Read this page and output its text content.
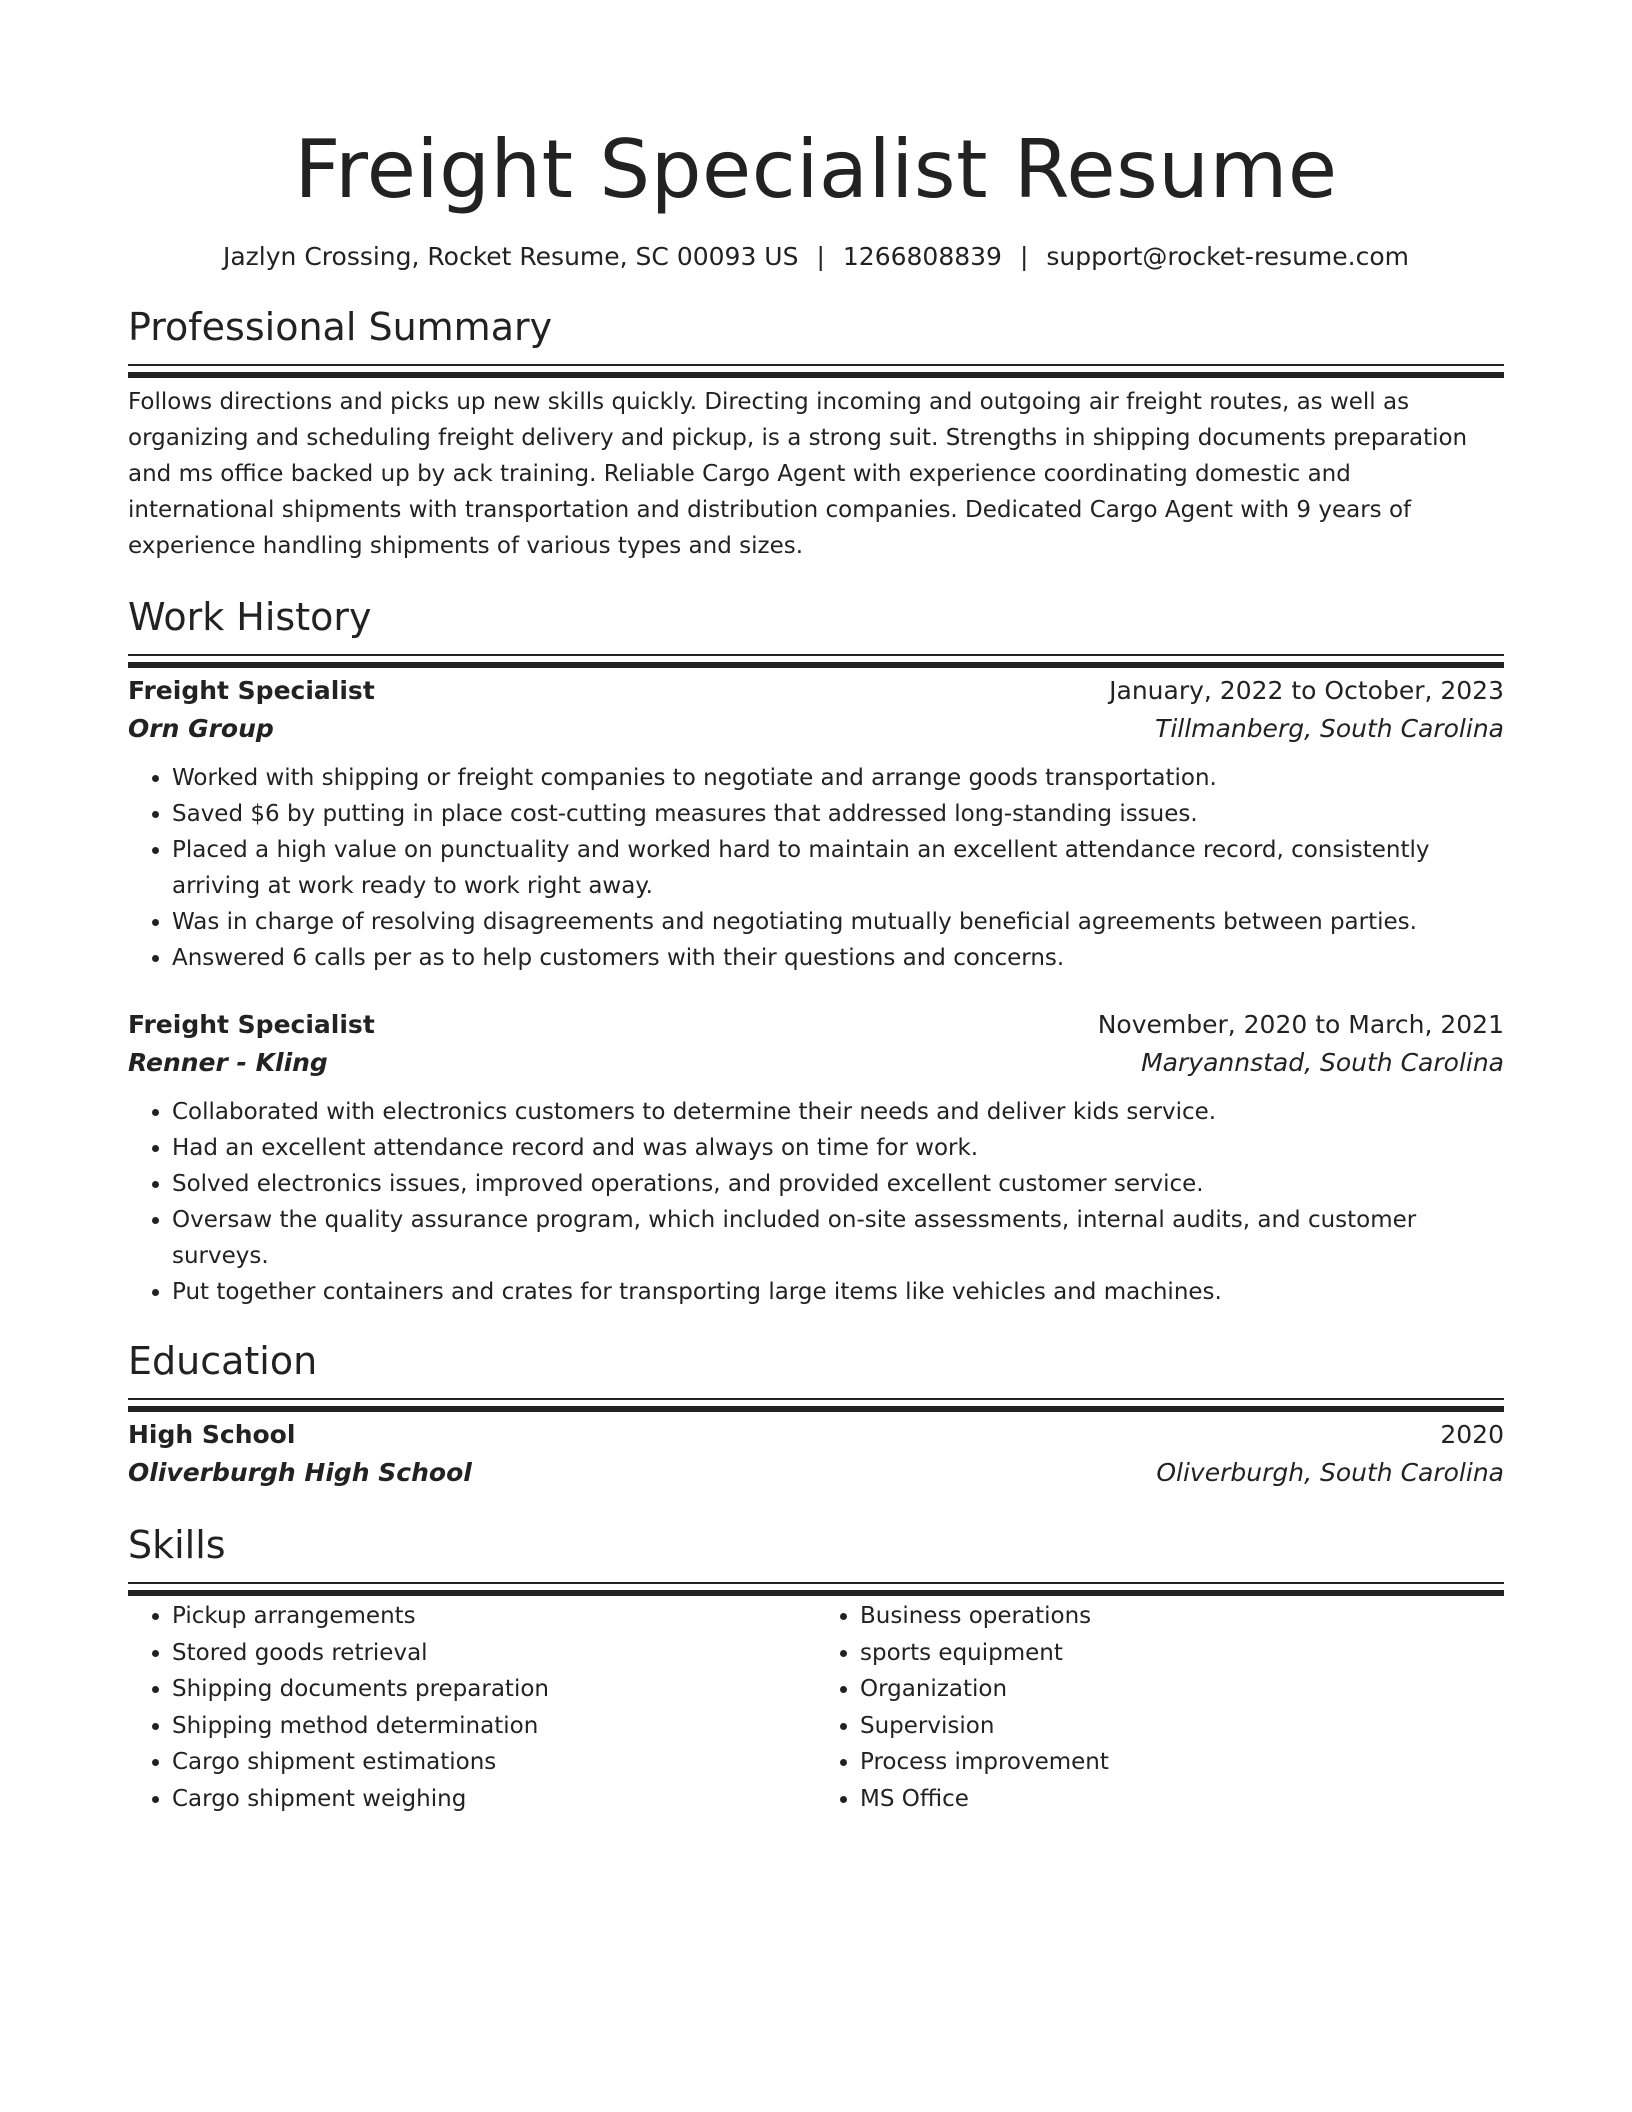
Freight Specialist Resume
Jazlyn Crossing, Rocket Resume, SC 00093 US | 1266808839 | support@rocket-resume.com
Professional Summary

Follows directions and picks up new skills quickly. Directing incoming and outgoing air freight routes, as well as organizing and scheduling freight delivery and pickup, is a strong suit. Strengths in shipping documents preparation and ms office backed up by ack training. Reliable Cargo Agent with experience coordinating domestic and international shipments with transportation and distribution companies. Dedicated Cargo Agent with 9 years of experience handling shipments of various types and sizes.

Work History
Freight Specialist	January, 2022 to October, 2023
Orn Group	Tillmanberg, South Carolina
• Worked with shipping or freight companies to negotiate and arrange goods transportation.
• Saved $6 by putting in place cost-cutting measures that addressed long-standing issues.
• Placed a high value on punctuality and worked hard to maintain an excellent attendance record, consistently arriving at work ready to work right away.
• Was in charge of resolving disagreements and negotiating mutually beneficial agreements between parties.
• Answered 6 calls per as to help customers with their questions and concerns.
Freight Specialist	November, 2020 to March, 2021
Renner - Kling	Maryannstad, South Carolina
• Collaborated with electronics customers to determine their needs and deliver kids service.
• Had an excellent attendance record and was always on time for work.
• Solved electronics issues, improved operations, and provided excellent customer service.
• Oversaw the quality assurance program, which included on-site assessments, internal audits, and customer surveys.
• Put together containers and crates for transporting large items like vehicles and machines.
Education
High School	2020
Oliverburgh High School	Oliverburgh, South Carolina
Skills
• Pickup arrangements
• Stored goods retrieval
• Shipping documents preparation
• Shipping method determination
• Cargo shipment estimations
• Cargo shipment weighing
• Business operations
• sports equipment
• Organization
• Supervision
• Process improvement
• MS Office
